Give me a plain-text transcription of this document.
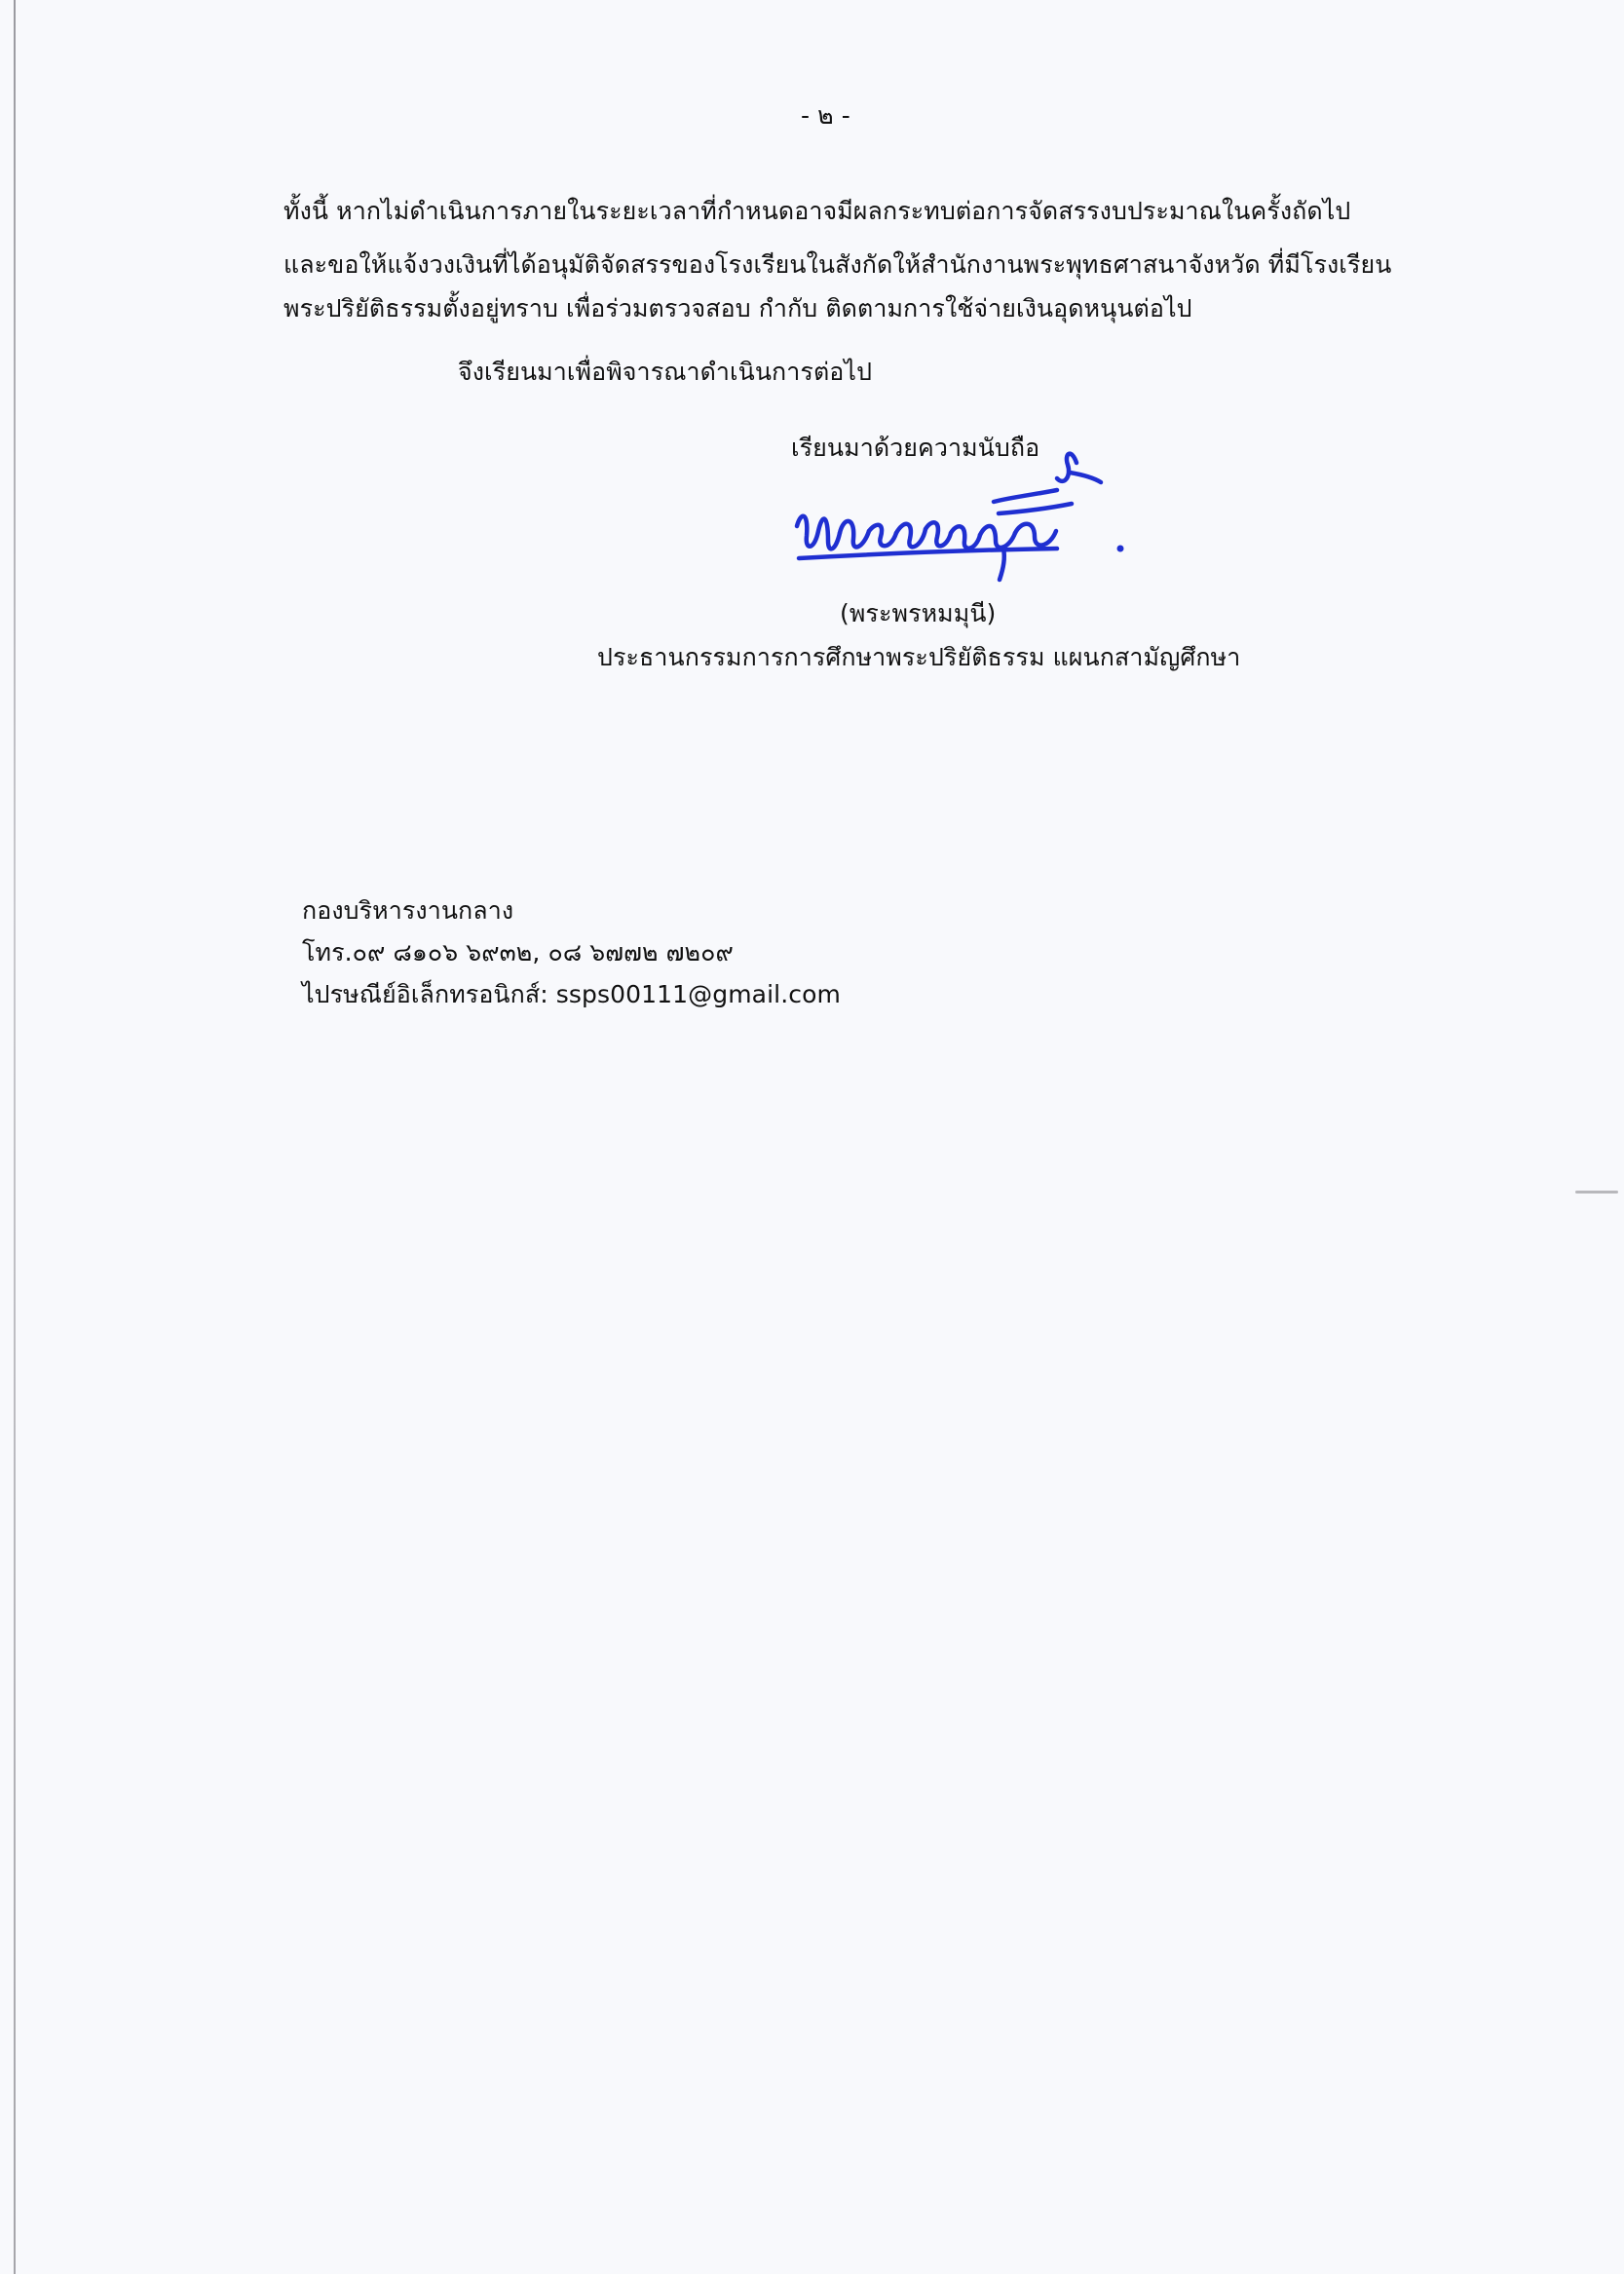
- ๒ -
ทั้งนี้ หากไม่ดำเนินการภายในระยะเวลาที่กำหนดอาจมีผลกระทบต่อการจัดสรรงบประมาณในครั้งถัดไป
และขอให้แจ้งวงเงินที่ได้อนุมัติจัดสรรของโรงเรียนในสังกัดให้สำนักงานพระพุทธศาสนาจังหวัด ที่มีโรงเรียน
พระปริยัติธรรมตั้งอยู่ทราบ เพื่อร่วมตรวจสอบ กำกับ ติดตามการใช้จ่ายเงินอุดหนุนต่อไป
จึงเรียนมาเพื่อพิจารณาดำเนินการต่อไป
เรียนมาด้วยความนับถือ
(พระพรหมมุนี)
ประธานกรรมการการศึกษาพระปริยัติธรรม แผนกสามัญศึกษา
กองบริหารงานกลาง
โทร.๐๙ ๘๑๐๖ ๖๙๓๒, ๐๘ ๖๗๗๒ ๗๒๐๙
ไปรษณีย์อิเล็กทรอนิกส์: ssps00111@gmail.com
